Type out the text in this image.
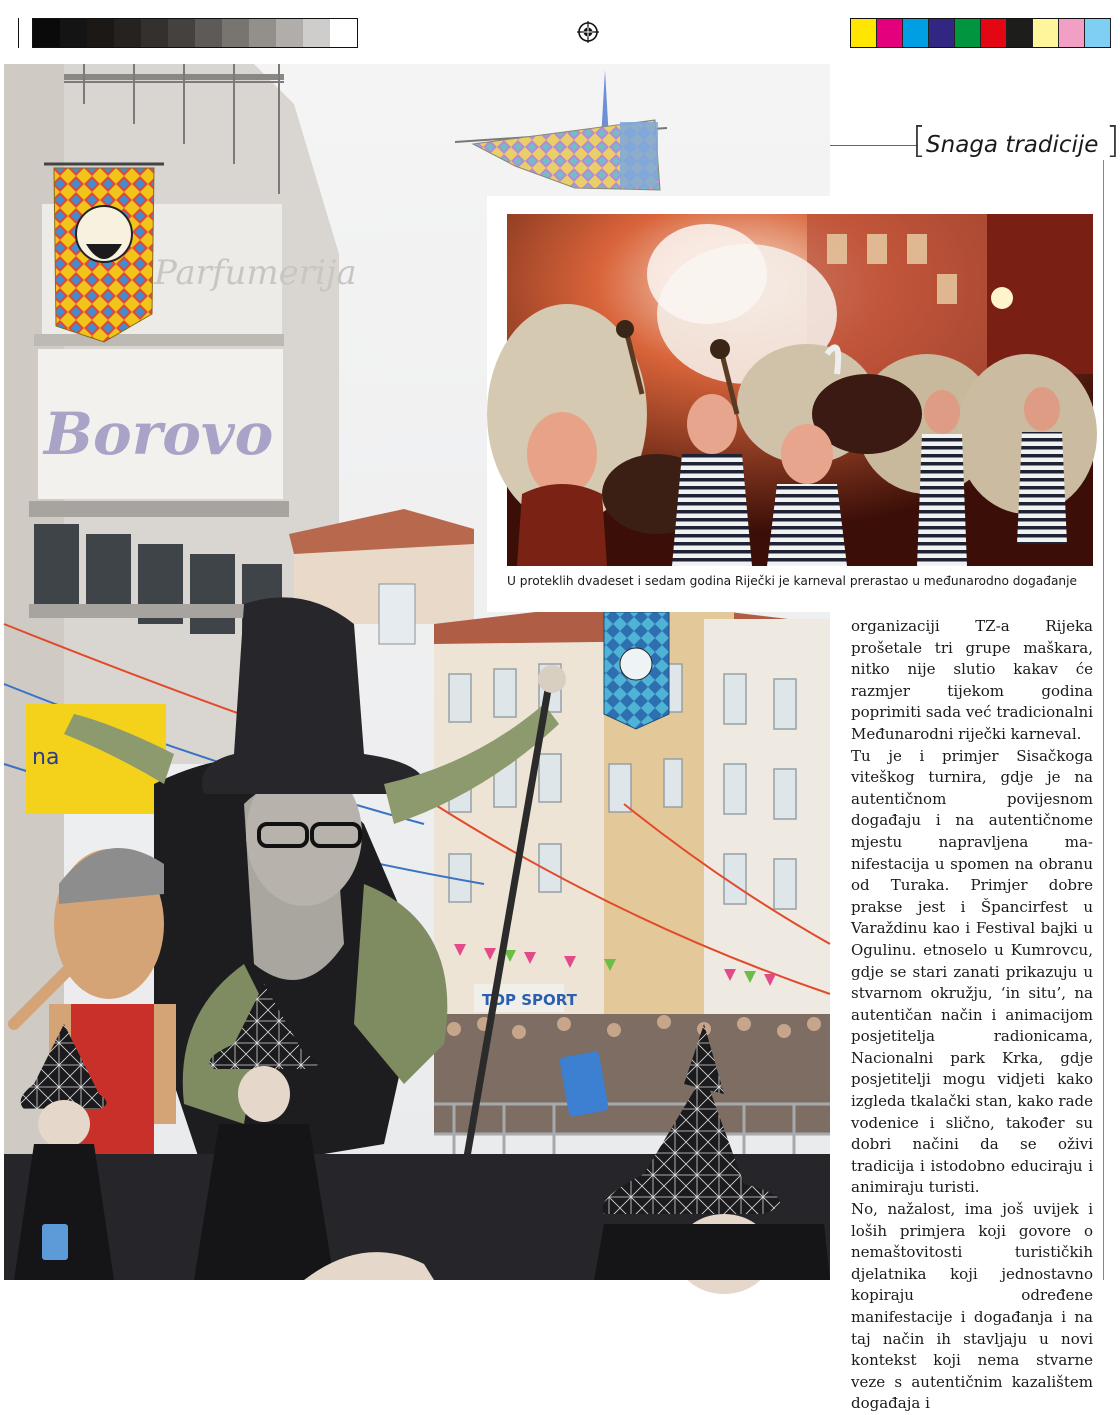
Parfumerija
Borovo
na
TOP SPORT
[Snaga tradicije ]
U proteklih dvadeset i sedam godina Riječki je karneval prerastao u međunarodno događanje

organizaciji TZ-a Rijeka prošetale tri grupe maškara, nitko nije slutio kakav će razmjer tijekom godina poprimiti sada već tradicionalni Međunarodni riječki karneval.

Tu je i primjer Sisačkoga viteškog turnira, gdje je na autentičnom povijesnom događaju i na autentičnome mjestu napravljena manifestacija u spomen na obranu od Turaka. Primjer dobre prakse jest i Špancirfest u Varaždinu kao i Festival bajki u Ogulinu. etnoselo u Kumrovcu, gdje se stari zanati prikazuju u stvarnom okružju, ‘in situ’, na autentičan način i animacijom posjetitelja radionicama, Nacionalni park Krka, gdje posjetitelji mogu vidjeti kako izgleda tkalački stan, kako rade vodenice i slično, također su dobri načini da se oživi tradicija i istodobno educiraju i animiraju turisti.

No, nažalost, ima još uvijek i loših primjera koji govore o nemaštovitosti turističkih djelatnika koji jednostavno kopiraju određene manifestacije i događanja i na taj način ih stavljaju u novi kontekst koji nema stvarne veze s autentičnim kazalištem događaja i
